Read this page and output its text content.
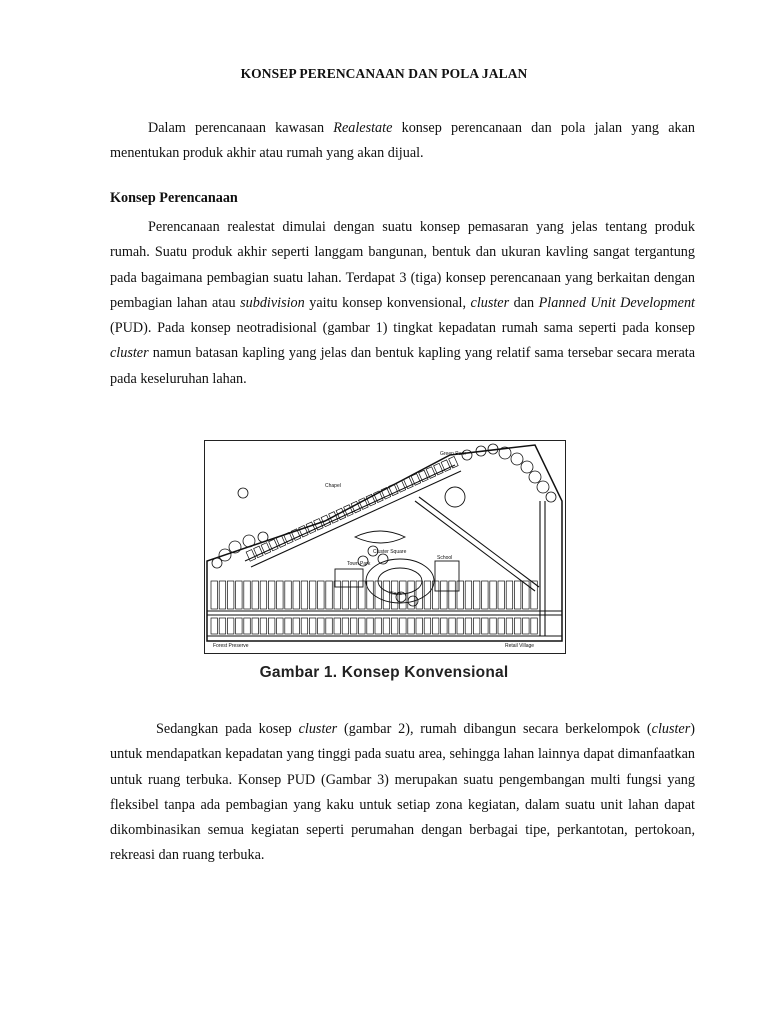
KONSEP PERENCANAAN DAN POLA JALAN

Dalam perencanaan kawasan Realestate konsep perencanaan dan pola jalan yang akan menentukan produk akhir atau rumah yang akan dijual.

Konsep Perencanaan

Perencanaan realestat dimulai dengan suatu konsep pemasaran yang jelas tentang produk rumah. Suatu produk akhir seperti langgam bangunan, bentuk dan ukuran kavling sangat tergantung pada bagaimana pembagian suatu lahan. Terdapat 3 (tiga) konsep perencanaan yang berkaitan dengan pembagian lahan atau subdivision yaitu konsep konvensional, cluster dan Planned Unit Development (PUD). Pada konsep neotradisional (gambar 1) tingkat kepadatan rumah sama seperti pada konsep cluster namun batasan kapling yang jelas dan bentuk kapling yang relatif sama tersebar secara merata pada keseluruhan lahan.

Green Park
Chapel
Cluster Square
Town Park
Plaza
School
Forest Preserve	Retail Village
Gambar 1. Konsep Konvensional

Sedangkan pada kosep cluster (gambar 2), rumah dibangun secara berkelompok (cluster) untuk mendapatkan kepadatan yang tinggi pada suatu area, sehingga lahan lainnya dapat dimanfaatkan untuk ruang terbuka. Konsep PUD (Gambar 3) merupakan suatu pengembangan multi fungsi yang fleksibel tanpa ada pembagian yang kaku untuk setiap zona kegiatan, dalam suatu unit lahan dapat dikombinasikan semua kegiatan seperti perumahan dengan berbagai tipe, perkantotan, pertokoan, rekreasi dan ruang terbuka.
